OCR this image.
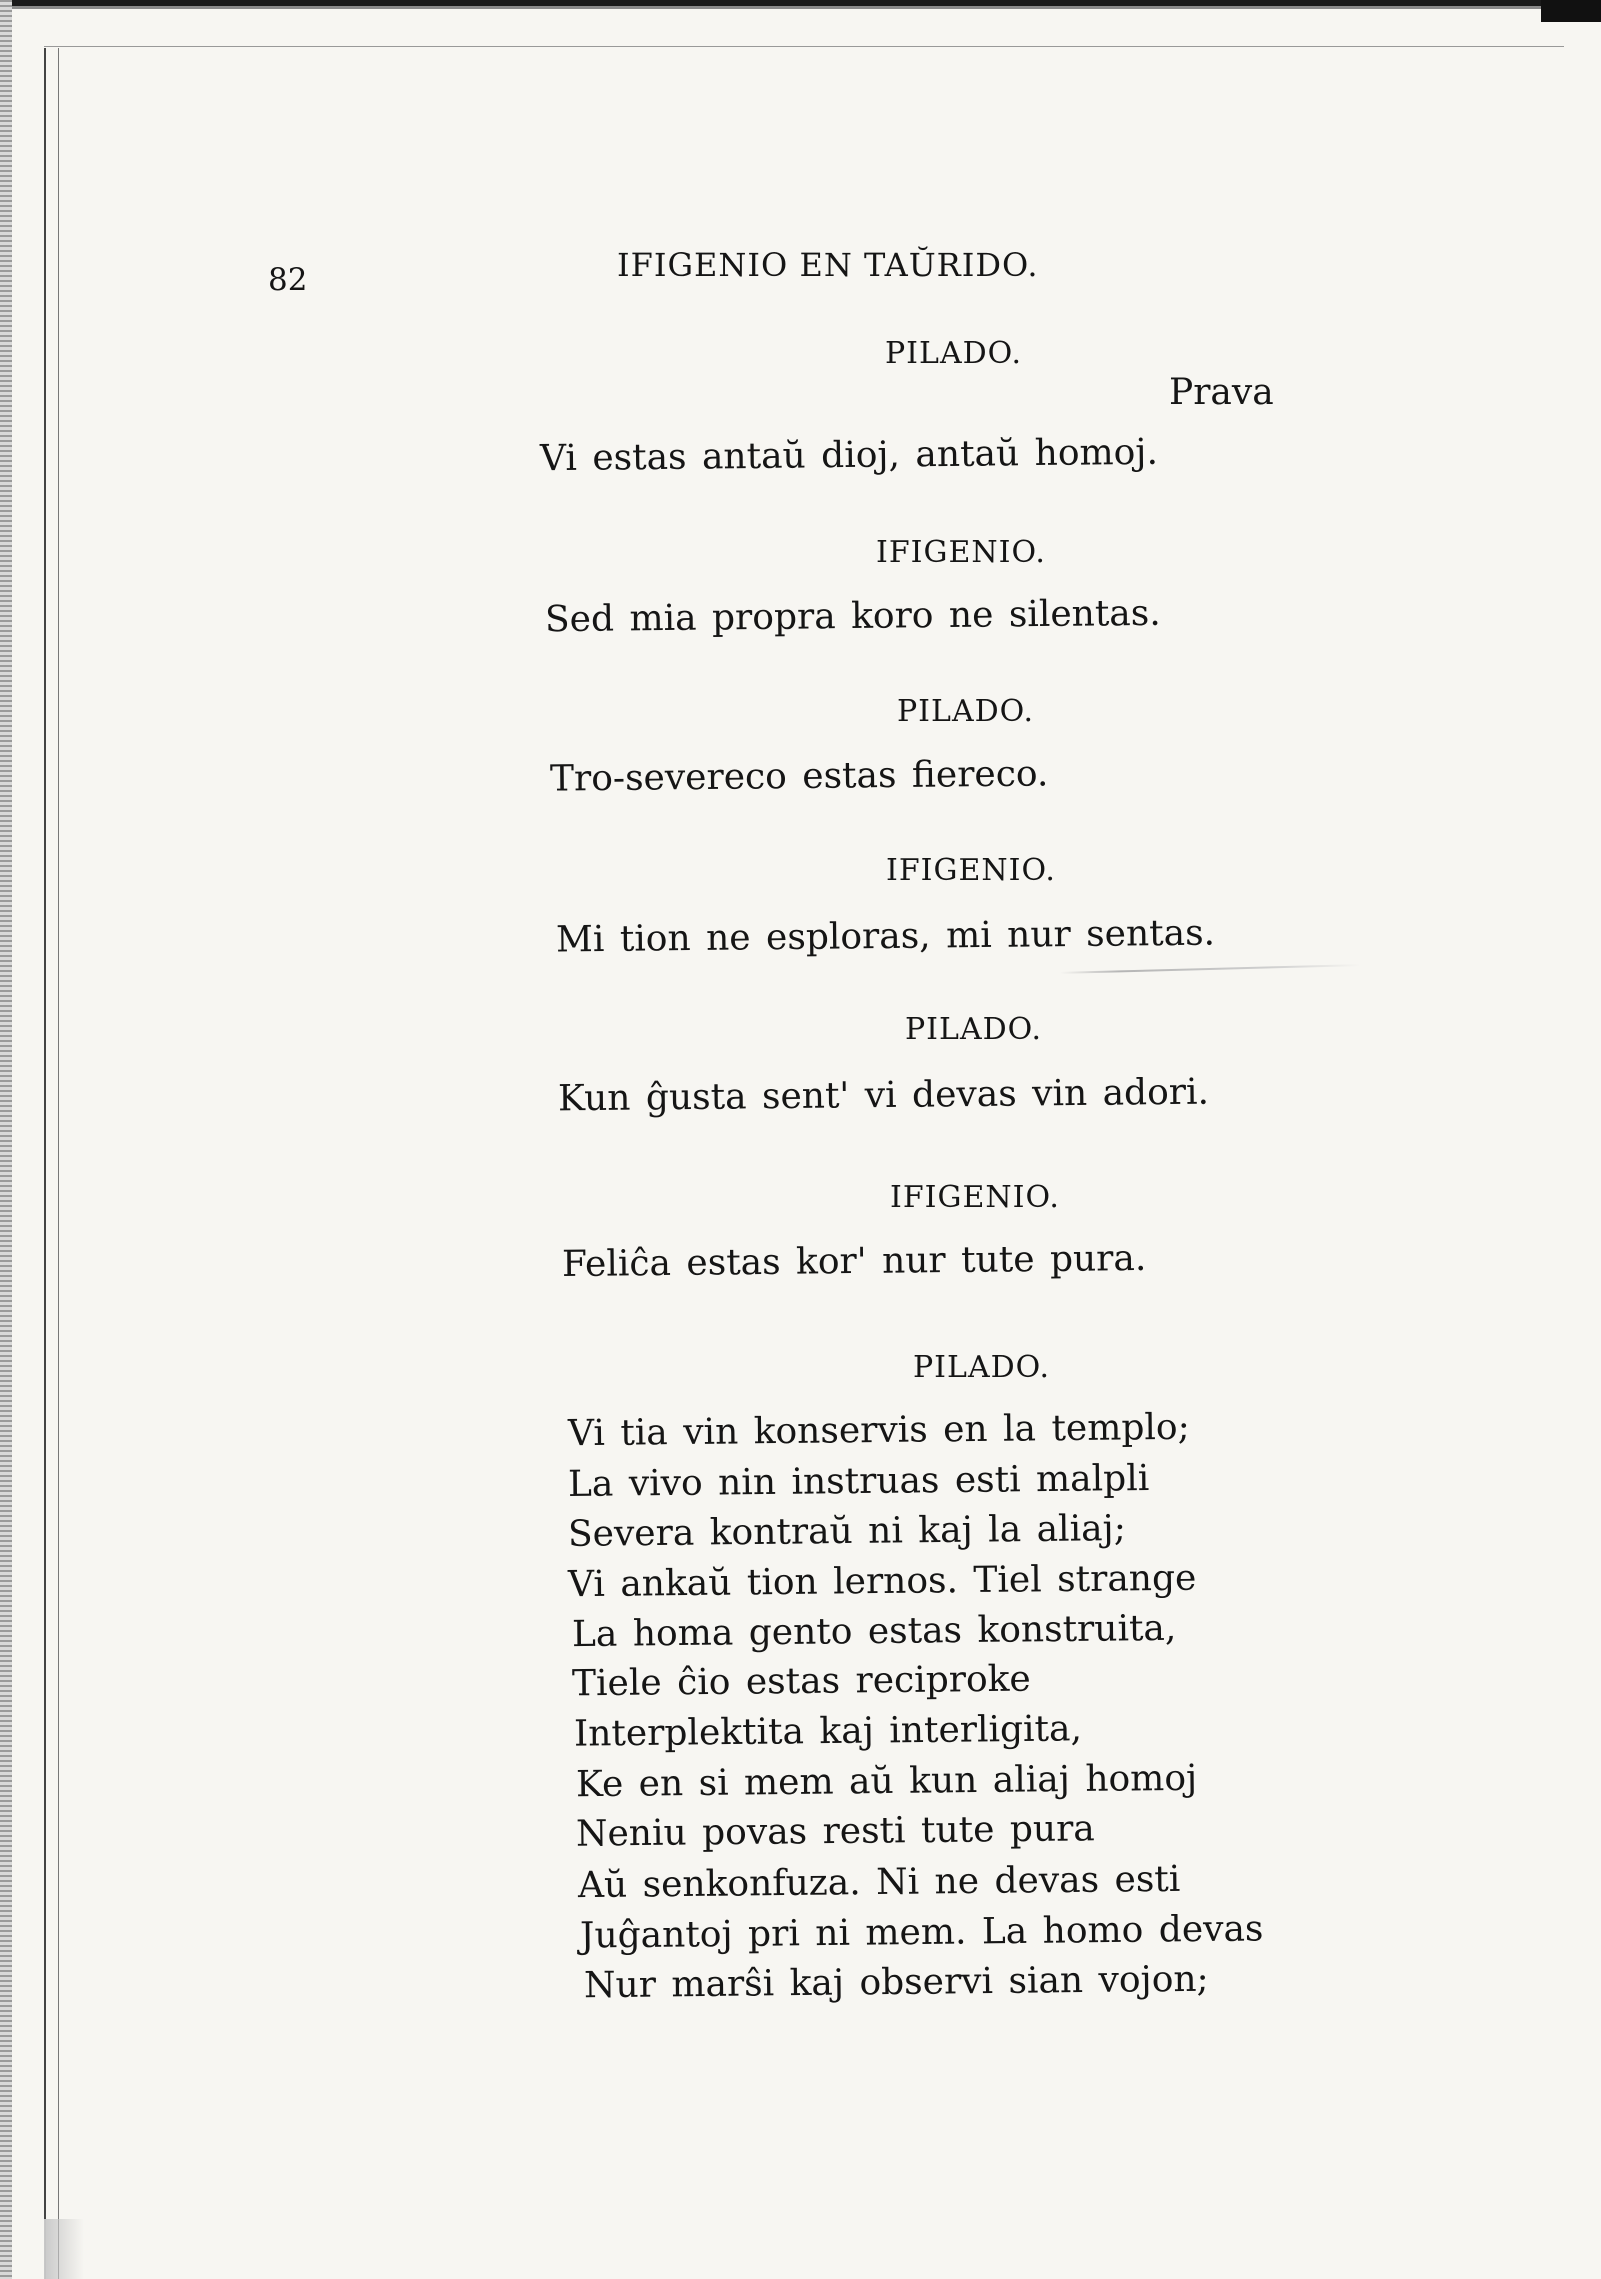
82	IFIGENIO EN TAŬRIDO.
PILADO.
Prava
Vi estas antaŭ dioj, antaŭ homoj.
IFIGENIO.
Sed mia propra koro ne silentas.
PILADO.
Tro-severeco estas fiereco.
IFIGENIO.
Mi tion ne esploras, mi nur sentas.
PILADO.
Kun ĝusta sent' vi devas vin adori.
IFIGENIO.
Feliĉa estas kor' nur tute pura.
PILADO.
Vi tia vin konservis en la templo;
La vivo nin instruas esti malpli
Severa kontraŭ ni kaj la aliaj;
Vi ankaŭ tion lernos. Tiel strange
La homa gento estas konstruita,
Tiele ĉio estas reciproke
Interplektita kaj interligita,
Ke en si mem aŭ kun aliaj homoj
Neniu povas resti tute pura
Aŭ senkonfuza. Ni ne devas esti
Juĝantoj pri ni mem. La homo devas
Nur marŝi kaj observi sian vojon;
